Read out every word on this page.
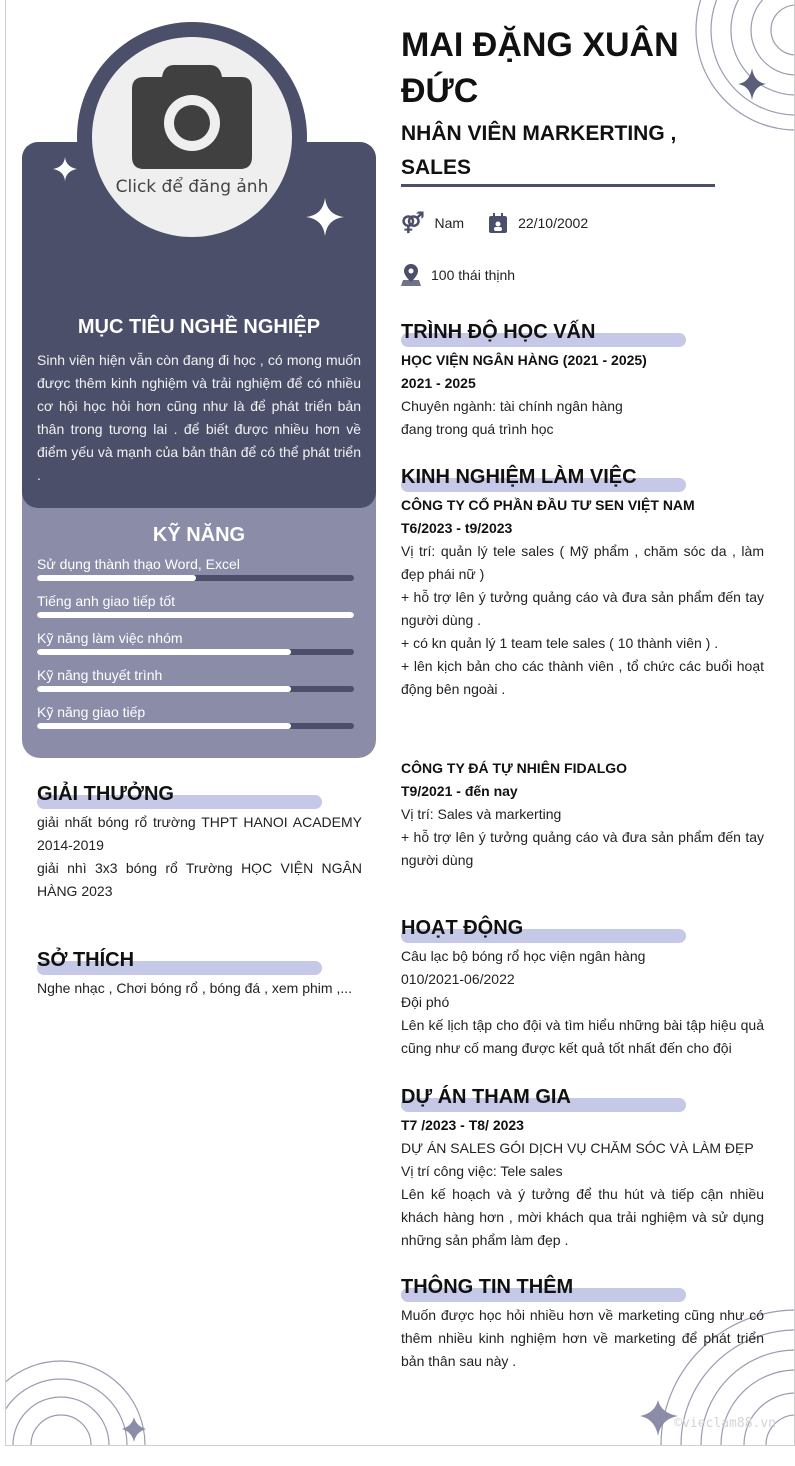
KỸ NĂNG
Sử dụng thành thạo Word, Excel
Tiếng anh giao tiếp tốt
Kỹ năng làm việc nhóm
Kỹ năng thuyết trình
Kỹ năng giao tiếp
MỤC TIÊU NGHỀ NGHIỆP
Sinh viên hiện vẫn còn đang đi học , có mong muốn được thêm kinh nghiệm và trải nghiệm để có nhiều cơ hội học hỏi hơn cũng như là để phát triển bản thân trong tương lai . để biết được nhiều hơn về điểm yếu và mạnh của bản thân để có thể phát triển .
Click để đăng ảnh
GIẢI THƯỞNG
giải nhất bóng rổ trường THPT HANOI ACADEMY 2014-2019
giải nhì 3x3 bóng rổ Trường HỌC VIỆN NGÂN HÀNG 2023
SỞ THÍCH
Nghe nhạc , Chơi bóng rổ , bóng đá , xem phim ,...
MAI ĐẶNG XUÂN ĐỨC
NHÂN VIÊN MARKERTING , SALES
⚤ Nam	22/10/2002
100 thái thịnh
TRÌNH ĐỘ HỌC VẤN
HỌC VIỆN NGÂN HÀNG (2021 - 2025)
2021 - 2025
Chuyên ngành: tài chính ngân hàng
đang trong quá trình học
KINH NGHIỆM LÀM VIỆC
CÔNG TY CỔ PHẦN ĐẦU TƯ SEN VIỆT NAM
T6/2023 - t9/2023
Vị trí: quản lý tele sales ( Mỹ phẩm , chăm sóc da , làm đẹp phái nữ )
+ hỗ trợ lên ý tưởng quảng cáo và đưa sản phẩm đến tay người dùng .
+ có kn quản lý 1 team tele sales ( 10 thành viên ) .
+ lên kịch bản cho các thành viên , tổ chức các buổi hoạt động bên ngoài .
CÔNG TY ĐÁ TỰ NHIÊN FIDALGO
T9/2021 - đến nay
Vị trí: Sales và markerting
+ hỗ trợ lên ý tưởng quảng cáo và đưa sản phẩm đến tay người dùng
HOẠT ĐỘNG
Câu lạc bộ bóng rổ học viện ngân hàng
010/2021-06/2022
Đội phó
Lên kế lịch tập cho đội và tìm hiểu những bài tập hiệu quả cũng như cố mang được kết quả tốt nhất đến cho đội
DỰ ÁN THAM GIA
T7 /2023 - T8/ 2023
DỰ ÁN SALES GÓI DỊCH VỤ CHĂM SÓC VÀ LÀM ĐẸP
Vị trí công việc: Tele sales
Lên kế hoạch và ý tưởng để thu hút và tiếp cận nhiều khách hàng hơn , mời khách qua trải nghiệm và sử dụng những sản phẩm làm đẹp .
THÔNG TIN THÊM
Muốn được học hỏi nhiều hơn về marketing cũng như có thêm nhiều kinh nghiệm hơn về marketing để phát triển bản thân sau này .
©vieclam88.vn
